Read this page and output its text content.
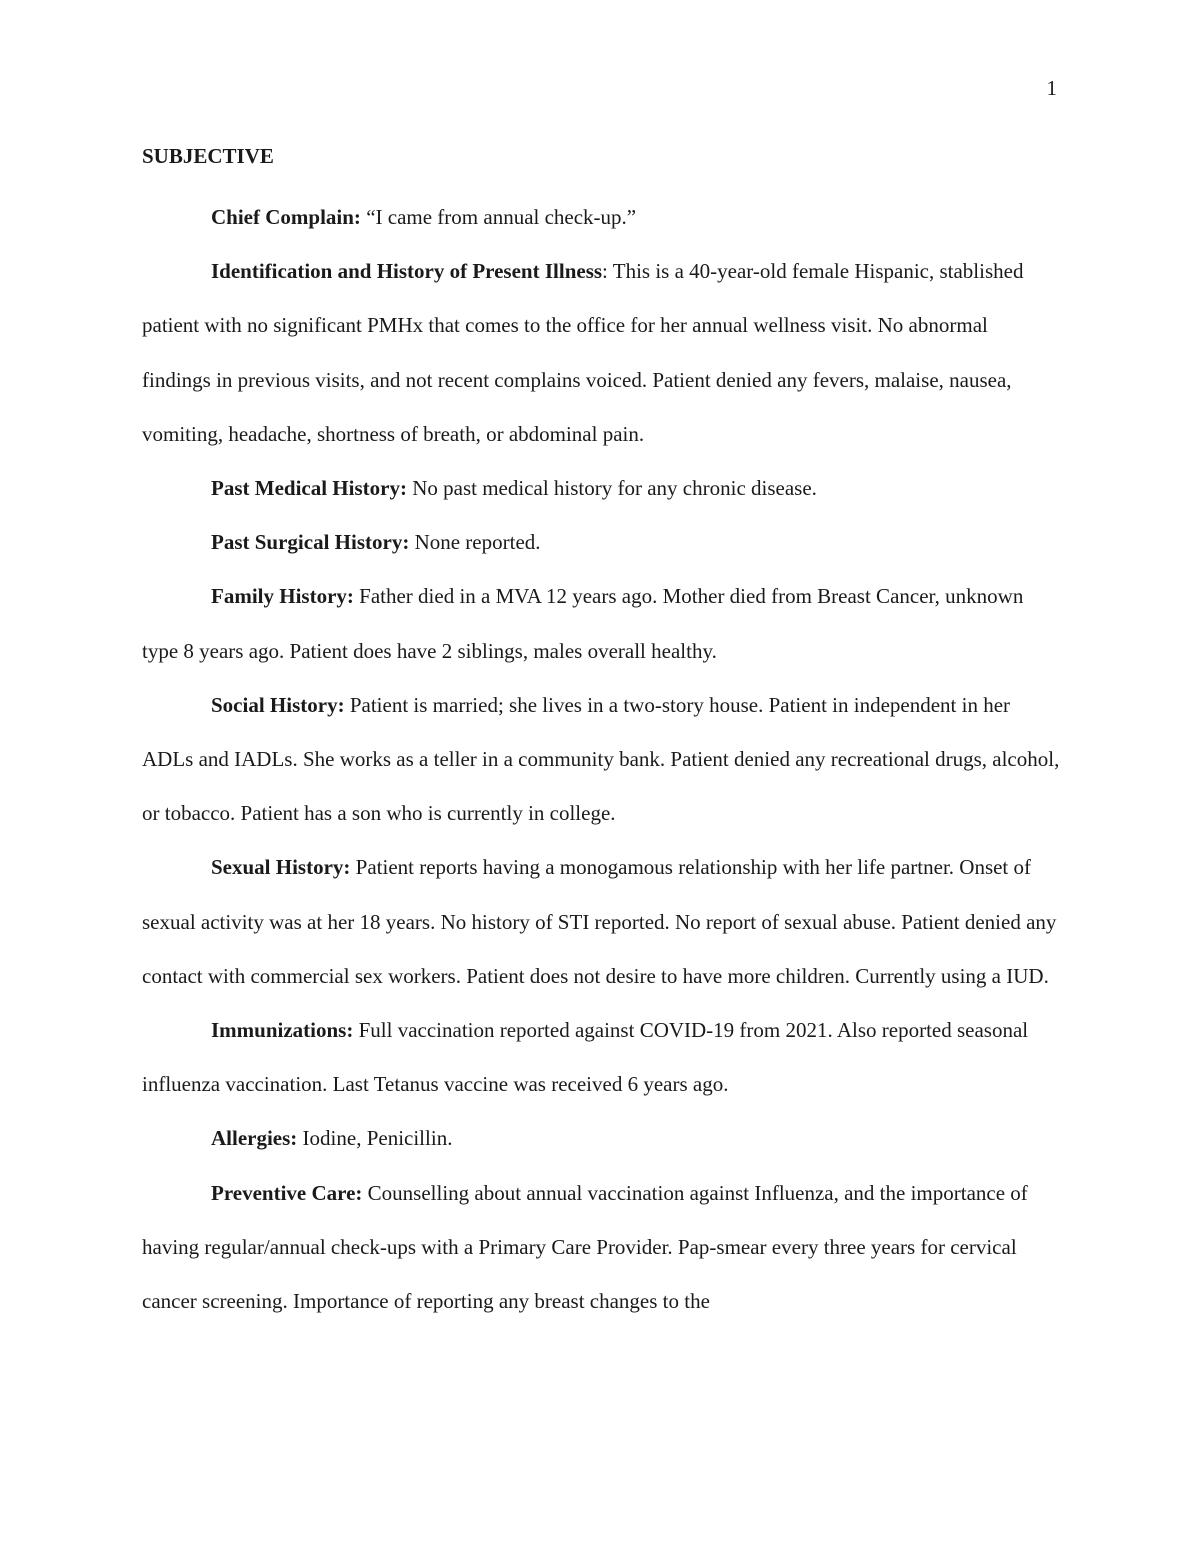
1
SUBJECTIVE

Chief Complain: “I came from annual check-up.”

Identification and History of Present Illness: This is a 40-year-old female Hispanic, stablished patient with no significant PMHx that comes to the office for her annual wellness visit. No abnormal findings in previous visits, and not recent complains voiced. Patient denied any fevers, malaise, nausea, vomiting, headache, shortness of breath, or abdominal pain.

Past Medical History: No past medical history for any chronic disease.

Past Surgical History: None reported.

Family History: Father died in a MVA 12 years ago. Mother died from Breast Cancer, unknown type 8 years ago. Patient does have 2 siblings, males overall healthy.

Social History: Patient is married; she lives in a two-story house. Patient in independent in her ADLs and IADLs. She works as a teller in a community bank. Patient denied any recreational drugs, alcohol, or tobacco. Patient has a son who is currently in college.

Sexual History: Patient reports having a monogamous relationship with her life partner. Onset of sexual activity was at her 18 years. No history of STI reported. No report of sexual abuse. Patient denied any contact with commercial sex workers. Patient does not desire to have more children. Currently using a IUD.

Immunizations: Full vaccination reported against COVID-19 from 2021. Also reported seasonal influenza vaccination. Last Tetanus vaccine was received 6 years ago.

Allergies: Iodine, Penicillin.

Preventive Care: Counselling about annual vaccination against Influenza, and the importance of having regular/annual check-ups with a Primary Care Provider. Pap-smear every three years for cervical cancer screening. Importance of reporting any breast changes to the
